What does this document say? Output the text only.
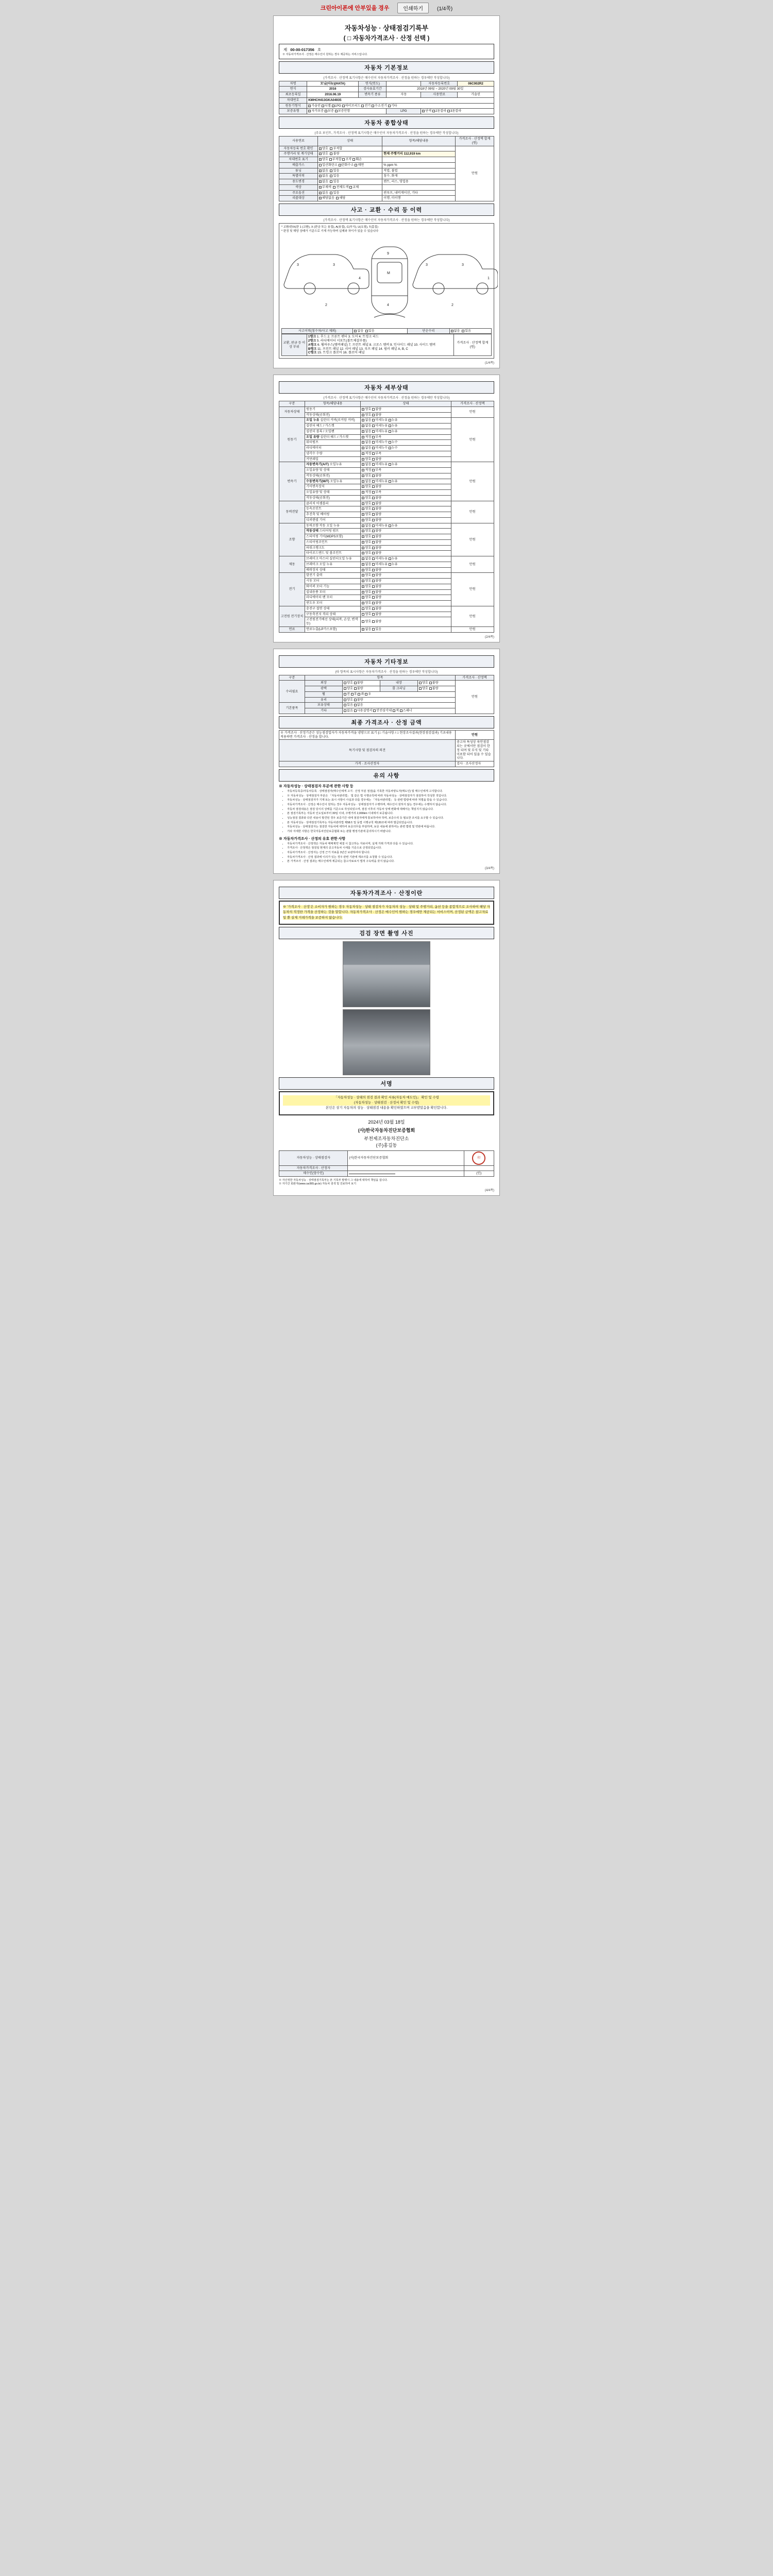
크린아이폰에 안부있을 경우	인쇄하기	(1/4쪽)
자동차성능 · 상태점검기록부
( □ 자동차가격조사 · 산정 선택 )
제 00-00-017356 호
※ 자동차가격조사 · 산정은 매수인이 원하는 경우 제공하는 서비스입니다.
자동차 기본정보
(가격조사 · 산정액 표기사항은 매수인이 자동차가격조사 · 산정을 원하는 경우에만 작성합니다)
차명	모닝(더뉴)(HATA)	연식(연도)		자동차등록번호	06C002R2
연식	2016	검사유효기간	2018년 09월 ~ 2020년 09월 30일		
최초등록일	2016.06.19	변속기 종류	자동	사용연료	가솔린
차대번호	KMHCH413GKA04935				
원동기형식	가솔린 디젤 LPG 하이브리드 전기 수소전기 기타				
보증유형	자가보증 보증 보증안함		LPG	단색 2톤칼라 3톤칼라	
자동차 종합상태
(주요 포인트, 가격조사 · 산정액 표기사항은 매수인이 자동차가격조사 · 산정을 원하는 경우에만 작성합니다)
사용연료	상태	항목/해당내용	가격조사 · 산정액 합계(원)
자동차등록 번호 확인	양호 부적합		만원
주행거리 및 계기상태	양호 불량	현재 주행거리 112,919 km	
차대번호 표기	양호 부적합 조작 훼손		
배출가스	일산화탄소 탄화수소 매연	% ppm %	
튜닝	없음 있음	적법, 불법	
특별이력	없음 있음	침수, 화재	
용도변경	없음 있음	렌트, 리스, 영업용	
색상	무채색 전체도색 교체		
주요옵션	없음 있음	썬루프, 내비게이션, 기타	
리콜대상	해당없음 해당	이행, 미이행	
사고 · 교환 · 수리 등 이력
(가격조사 · 산정액 표기사항은 매수인이 자동차가격조사 · 산정을 원하는 경우에만 작성합니다)
* 교환/판/X(판 1 (교환), X (판금 또는 용접), A(용접), C(부식), U(요철), T(흠집)
* 판정 및 해당 상태가 기준으로 기재 가능하며 실제와 차이가 있을 수 있습니다
3	3
4
9
M
4
3	3
1
2	2
사고이력(침수차/사고 제외)	없음 있음	단순수리	없음 있음
교환, 판금 등 이상 부위	
1랭크 1. 후드 2. 프론트 펜더 3. 도어 4. 트렁크 리드
2랭크 5. 라디에이터 서포트(볼트체결부품)
A랭크 6. 휠하우스(멤버패널) 7. 프런트 패널 8. 크로스 멤버 9. 인사이드 패널 10. 사이드 멤버
B랭크 11. 프런트 패널 12. 리어 패널 13. 루프 패널 14. 필러 패널 A, B, C
C랭크 15. 트렁크 플로어 16. 플로어 패널
	가격조사 · 산정액 합계(원)
(1/4쪽)
자동차 세부상태
(가격조사 · 산정액 표기사항은 매수인이 자동차가격조사 · 산정을 원하는 경우에만 작성합니다)
구분	항목/해당내용	상태	가격조사 · 산정액
자동차상태	원동기	양호 불량	만원
	작동상태(공회전)	양호 불량	
원동기	오일 누유 실린더 커버(로커암 커버)	없음 미세누유 누유	만원
	실린더 헤드 / 가스켓	없음 미세누유 누유	
	실린더 블록 / 오일팬	없음 미세누유 누유	
	오일 유량 실린더 헤드 / 가스켓	적정 부족	
	워터펌프	없음 미세누수 누수	
	라디에이터	없음 미세누수 누수	
	냉각수 수량	적정 부족	
	커먼레일	양호 불량	
변속기	자동변속기(A/T) 오일누유	없음 미세누유 누유	만원
	오일유량 및 상태	적정 부족	
	작동상태(공회전)	양호 불량	
	수동변속기(M/T) 오일누유	없음 미세누유 누유	
	기어변속장치	양호 불량	
	오일유량 및 상태	적정 부족	
	작동상태(공회전)	양호 불량	
동력전달	클러치 어셈블리	양호 불량	만원
	등속조인트	양호 불량	
	추진축 및 베어링	양호 불량	
	디퍼렌셜 기어	양호 불량	
조향	동력조향 작동 오일 누유	없음 미세누유 누유	만원
	작동상태 스티어링 펌프	양호 불량	
	스티어링 기어(MDPS포함)	양호 불량	
	스티어링조인트	양호 불량	
	파워크랭크도	양호 불량	
	타이로드엔드 및 볼조인트	양호 불량	
제동	브레이크 마스터 실린더오일 누유	없음 미세누유 누유	만원
	브레이크 오일 누유	없음 미세누유 누유	
	배력장치 상태	양호 불량	
전기	발전기 출력	양호 불량	만원
	시동 모터	양호 불량	
	와이퍼 모터 기능	양호 불량	
	실내송풍 모터	양호 불량	
	라디에이터 팬 모터	양호 불량	
	윈도우 모터	양호 불량	
고전원 전기장치	충전구 절연 상태	양호 불량	만원
	구동축전지 격리 상태	양호 불량	
	고전원전기배선 상태(피복, 손상, 변색 등)	양호 불량	
연료	연료누출(LP가스포함)	없음 있음	만원
(2/4쪽)
자동차 기타정보
(타 항목의 표시사항은 자동차가격조사 · 산정을 원하는 경우에만 작성합니다)
구분	항목				가격조사 · 산정액
수리필요	외장	양호 불량	내장	양호 불량	만원
	광택	양호 불량	룸 크리닝	양호 불량	
	휠	전 후 좌 우			
	유리	양호 불량			
기본품목	보유상태	있음 없음			
	기타	없음 사용설명서 안전삼각대 잭 스패너			
최종 가격조사 · 산정 금액
※ 가격조사 · 산정기준은 성능점검업자가 자동차가격을 냉방으로 표기 (□ 기술사항 / □ 현장조사결과(현장점검결과) 기초내용 적용하면 가격조사 · 산정을 합니다.	만원
특기사항 및 점검자의 의견	중고차 특성상 육안점검 되는 곳에서만 점검이 한정 되며 및 부식 및 기타 미포함 되어 있을 수 있습니다.
가격 · 조사산정자	검사 · 조사산정자
유의 사항
※ 자동차성능 · 상태점검자 부분에 관한 사항 등
• 자동차등록증/자동차등록 · 상태점검자(매수인에게 고지 · 산정 부분 점검)을 기록한 자동차양도자(매도인) 및 매수인에게 고지합니다.
• ※ 자동차성능 · 상태점검자 부분은 「자동차관리법」 및 같은 법 시행규칙에 따라 자동차성능 · 상태점검자가 점검하여 작성한 것입니다.
• 자동차성능 · 상태점검자가 기재 또는 표시 사항이 사실과 다를 경우에는 「자동차관리법」 등 관련 법령에 따라 처벌을 받을 수 있습니다.
• 자동차가격조사 · 산정은 매수인이 원하는 경우 자동차성능 · 상태점검자가 수행하며, 매수인이 원하지 않는 경우에는 수행하지 않습니다.
• 자동차 점검내용은 점검 당시의 상태를 기준으로 작성되었으며, 점검 이후의 자동차 상태 변화에 대해서는 책임지지 않습니다.
• 본 점검기록부는 자동차 인도일로부터 30일 이내, 주행거리 2,000km 이내에서 보증됩니다.
• 성능점검 결과와 다른 내용이 발견된 경우 보증기간 내에 점검자에게 통보하여야 하며, 보증수리 등 필요한 조치를 요구할 수 있습니다.
• 본 자동차성능 · 상태점검기록부는 자동차관리법 제58조 및 동법 시행규칙 제120조에 따라 발급되었습니다.
• 자동차성능 · 상태점검자는 점검한 자동차에 대하여 보증의무를 부담하며, 보증 내용에 관하여는 관련 법령 및 약관에 따릅니다.
• 기타 자세한 사항은 한국자동차진단보증협회 또는 관할 행정기관에 문의하시기 바랍니다.
※ 자동차가격조사 · 산정의 유효 관한 사항
• 자동차가격조사 · 산정액은 자동차 매매계약 체결 시 참고하는 자료이며, 실제 거래 가격과 다를 수 있습니다.
• 가격조사 · 산정액은 점검일 현재의 중고자동차 시세를 기준으로 산정되었습니다.
• 자동차가격조사 · 산정자는 산정 근거 자료를 3년간 보관하여야 합니다.
• 자동차가격조사 · 산정 결과에 이의가 있는 경우 관련 기관에 재조사를 요청할 수 있습니다.
• 본 가격조사 · 산정 결과는 매수인에게 제공되는 참고자료로서 법적 구속력을 갖지 않습니다.
(3/4쪽)
자동차가격조사 · 산정이란
※ '가격조사 · 산정'은 소비자가 원하는 경우 자동차성능 · 상태 점검자가 자동차의 성능 · 상태 및 주행거리, 옵션 등을 종합적으로 조사하여 해당 자동차의 적정한 가격을 산정하는 것을 말합니다. 자동차가격조사 · 산정은 매수인이 원하는 경우에만 제공되는 서비스이며, 산정된 금액은 참고자료일 뿐 실제 거래가격을 보증하지 않습니다.
검검 장면 촬영 사진
서명
「자동차성능 · 상태의 점검 결과 확인 서류(자동차 매도인)」 확인 및 수령
(자동차성능 · 상태점검 · 산정서 확인 및 수령)
본인은 상기 자동차의 성능 · 상태점검 내용을 확인하였으며 교부받았음을 확인합니다.
2024년 03월 18일
(사)한국자동차진단보증협회
부천제조자동차진단소
(주)홍길동
자동차성능 · 상태점검자	(사)한국자동차진단보증협회	印
자동차가격조사 · 산정자		
매수인(양수인)		(인)
※ 자산정한 자동차성능 · 상태점검기록부는 본 기록부 발행시 그 내용에 대하여 책임을 집니다.
※ 자기간 회관자(www.car365.go.kr) 자동차 검색 및 진료하여 보기
(4/4쪽)
